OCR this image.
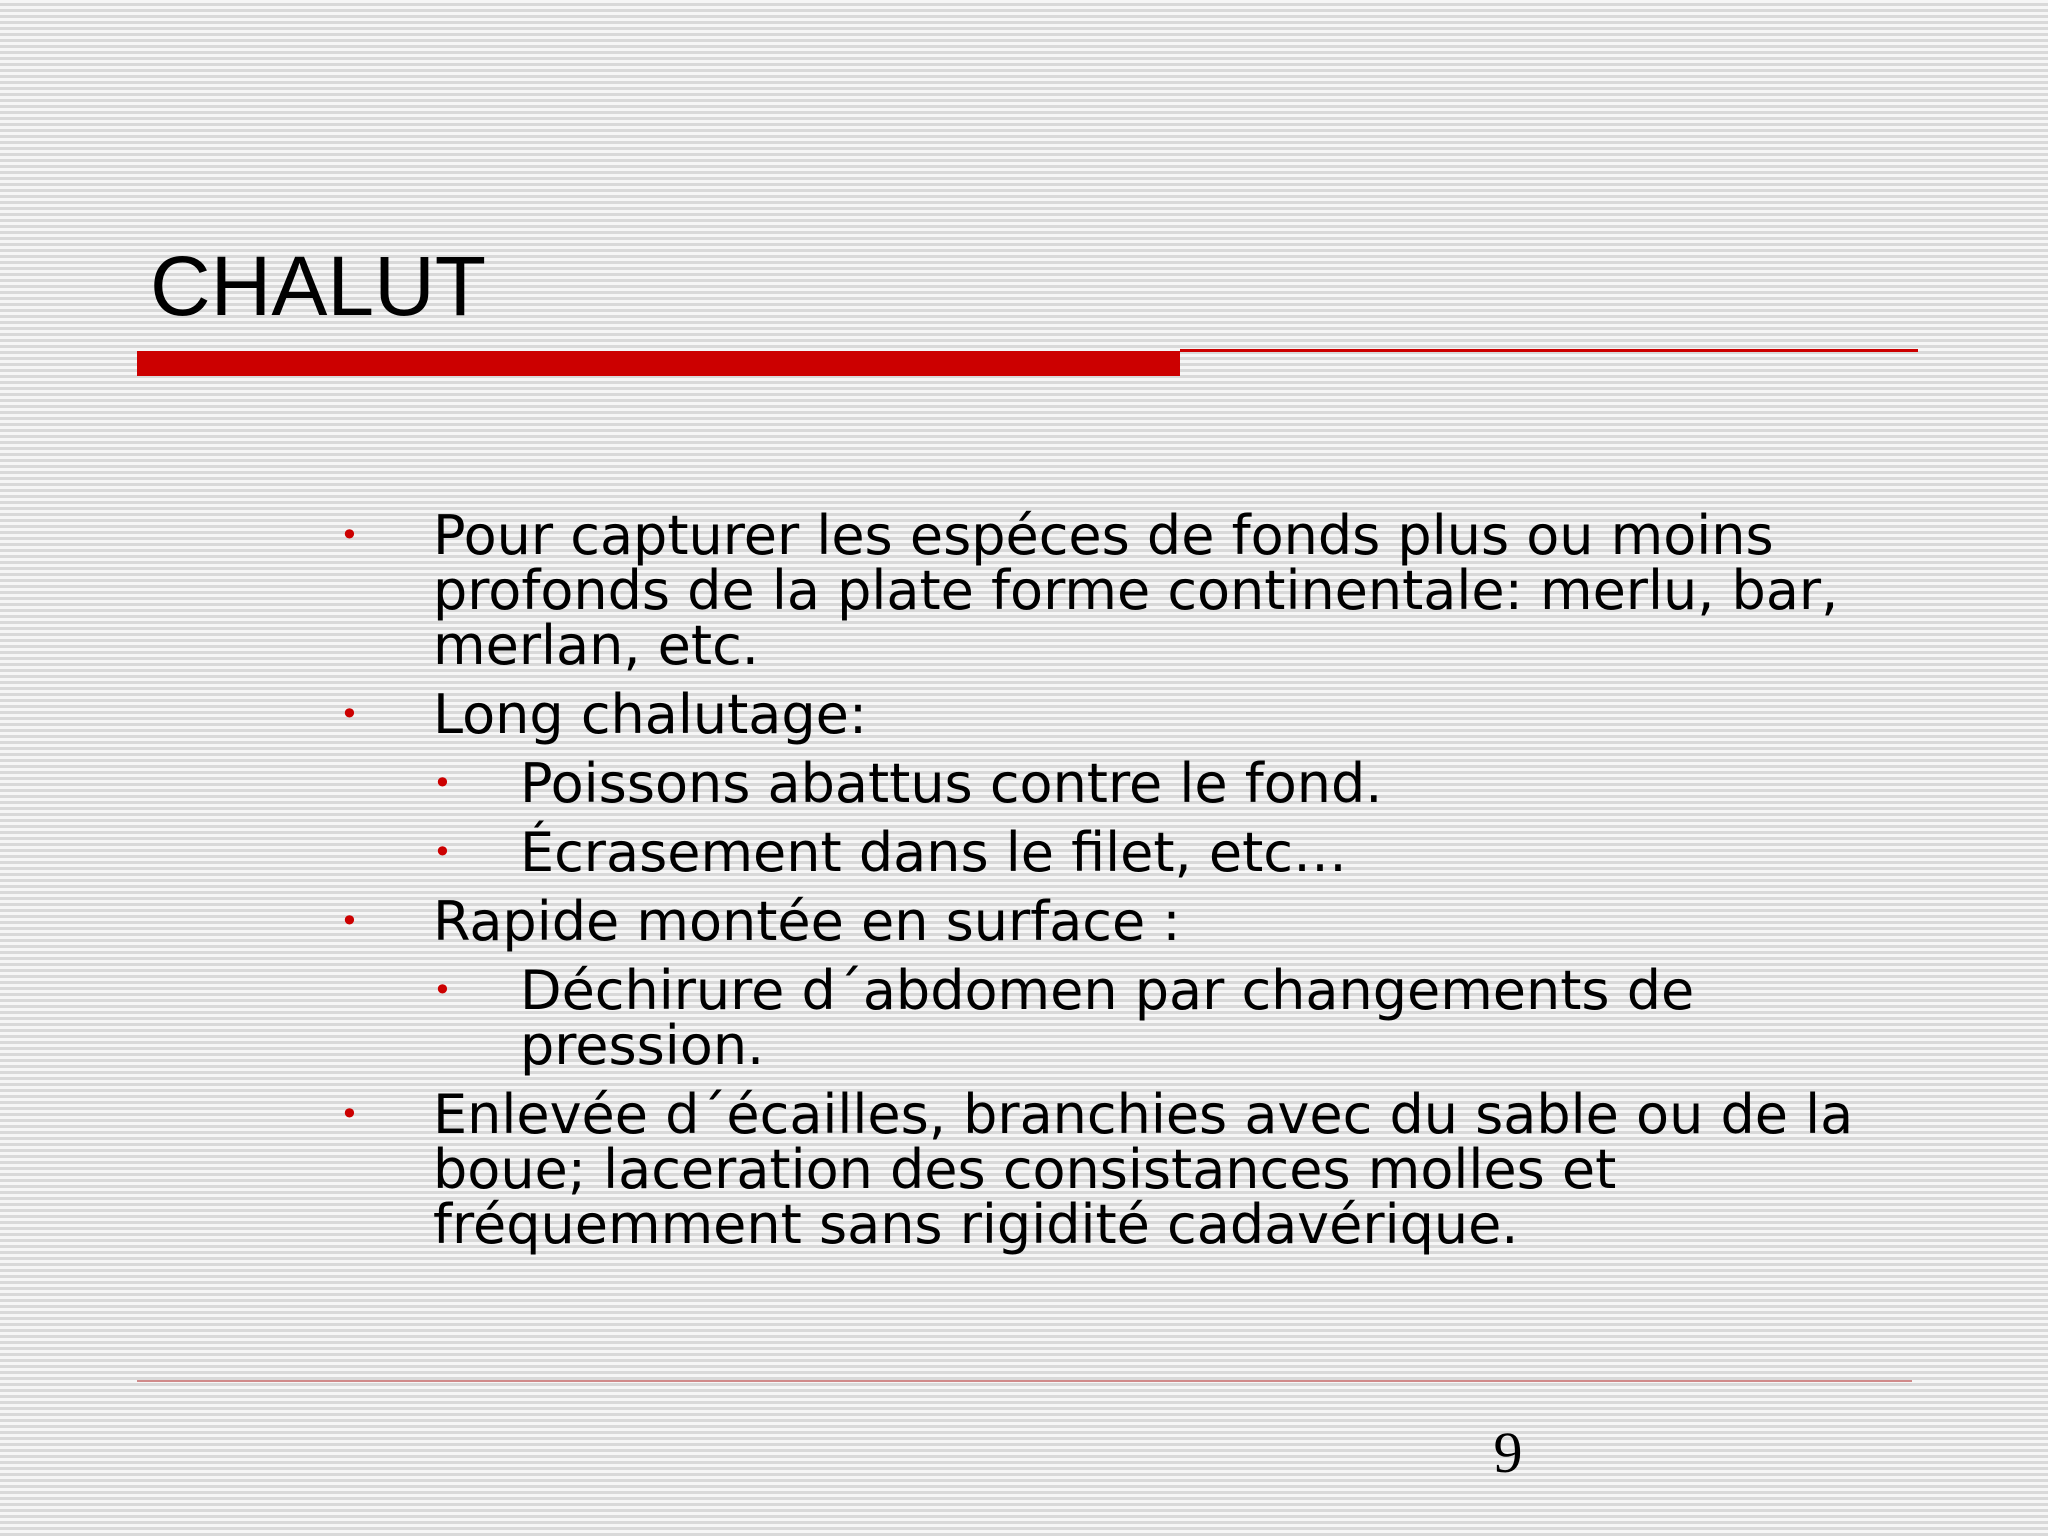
CHALUT
• Pour capturer les espéces de fonds plus ou moins profonds de la plate forme continentale: merlu, bar, merlan, etc.
• Long chalutage:
• Poissons abattus contre le fond.
• Écrasement dans le filet, etc…
• Rapide montée en surface :
• Déchirure d´abdomen par changements de pression.
• Enlevée d´écailles, branchies avec du sable ou de la boue; laceration des consistances molles et fréquemment sans rigidité cadavérique.
9
